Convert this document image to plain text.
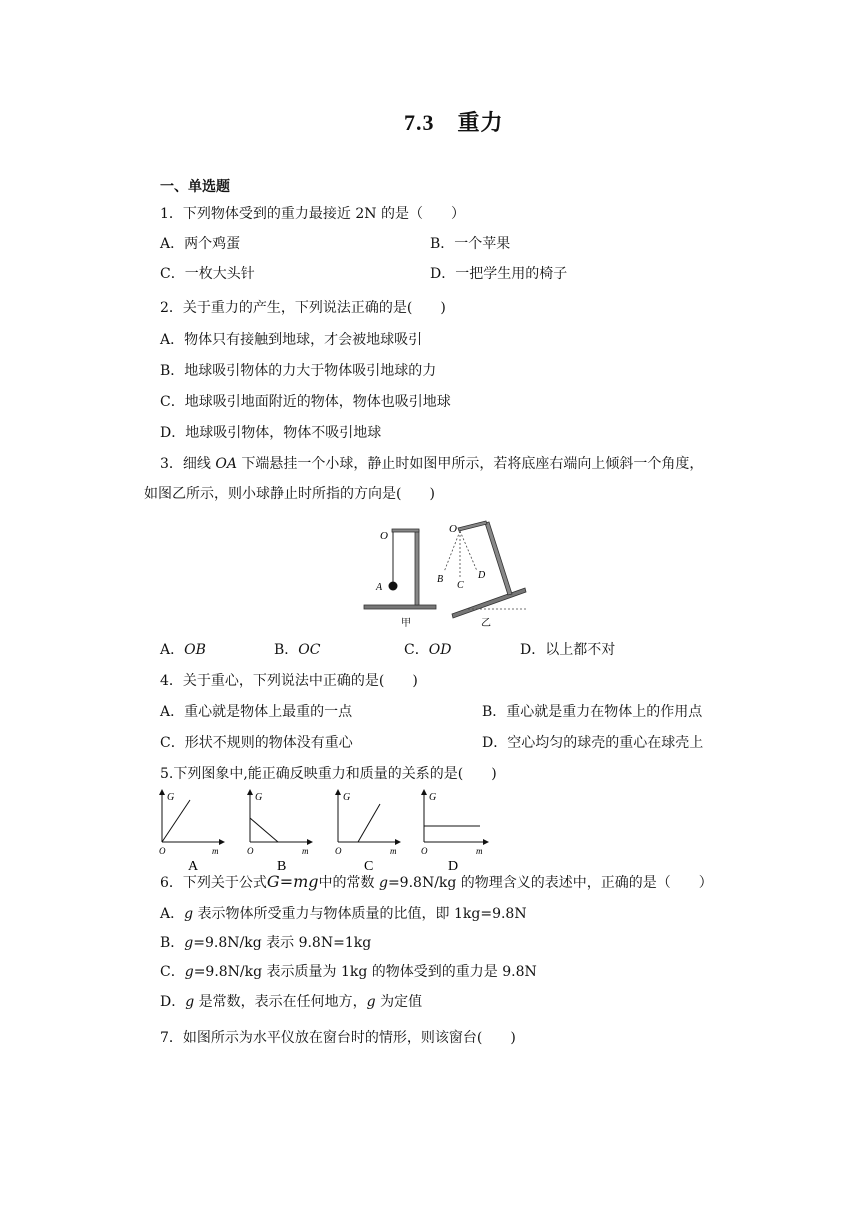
7.3　重力
一、单选题
1．下列物体受到的重力最接近 2N 的是（　　）
A．两个鸡蛋	B．一个苹果
C．一枚大头针	D．一把学生用的椅子
2．关于重力的产生，下列说法正确的是(　　)
A．物体只有接触到地球，才会被地球吸引
B．地球吸引物体的力大于物体吸引地球的力
C．地球吸引地面附近的物体，物体也吸引地球
D．地球吸引物体，物体不吸引地球
3．细线 OA 下端悬挂一个小球，静止时如图甲所示，若将底座右端向上倾斜一个角度，
如图乙所示，则小球静止时所指的方向是(　　)
O
A
甲
O
B
C
D
乙
A．OB	B．OC	C．OD	D．以上都不对
4．关于重心，下列说法中正确的是(　　)
A．重心就是物体上最重的一点	B．重心就是重力在物体上的作用点
C．形状不规则的物体没有重心	D．空心均匀的球壳的重心在球壳上
5.下列图象中,能正确反映重力和质量的关系的是(　　)
G
m
O
A
G
m
O
B
G
m
O
C
G
m
O
D
6．下列关于公式G=mg中的常数 g=9.8N/kg 的物理含义的表述中，正确的是（　　）
A．g 表示物体所受重力与物体质量的比值，即 1kg=9.8N
B．g=9.8N/kg 表示 9.8N=1kg
C．g=9.8N/kg 表示质量为 1kg 的物体受到的重力是 9.8N
D．g 是常数，表示在任何地方，g 为定值
7．如图所示为水平仪放在窗台时的情形，则该窗台(　　)
